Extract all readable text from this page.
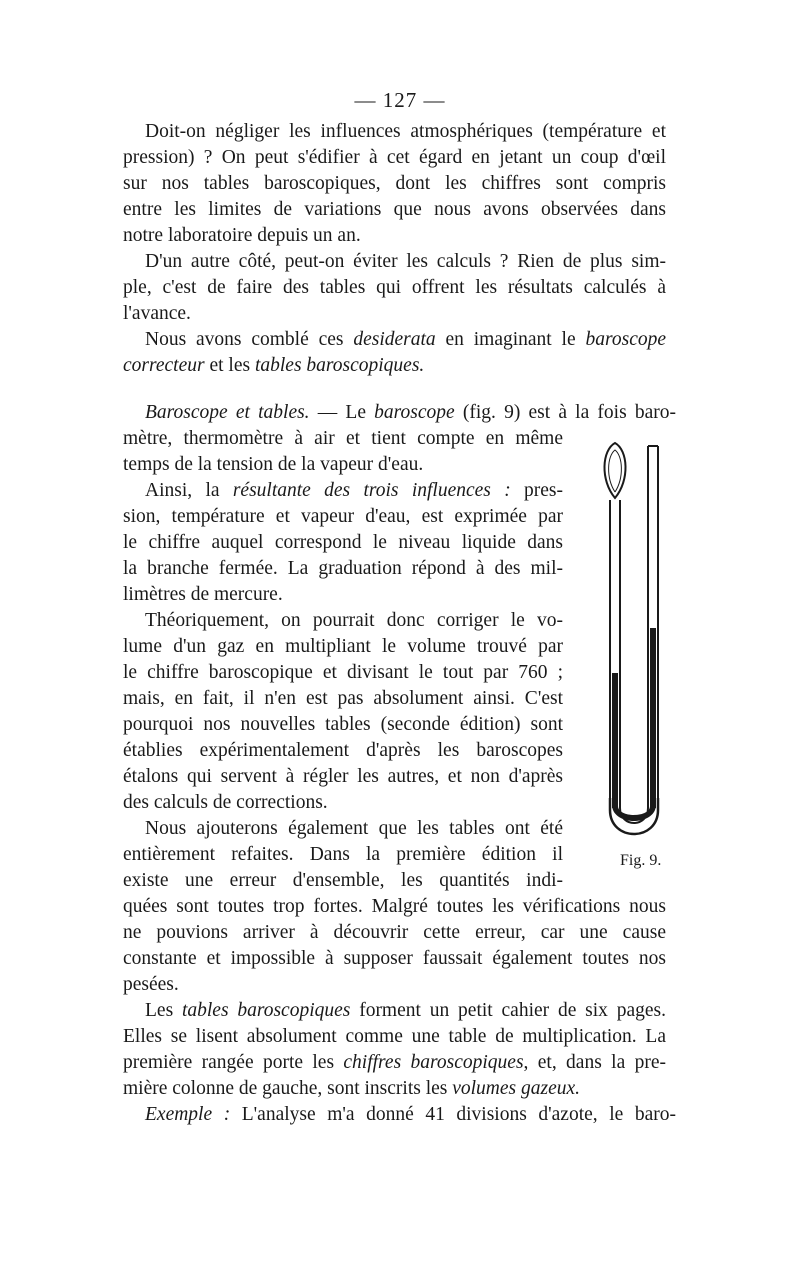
— 127 —
Doit-on négliger les influences atmosphériques (température et
pression) ? On peut s'édifier à cet égard en jetant un coup d'œil
sur nos tables baroscopiques, dont les chiffres sont compris
entre les limites de variations que nous avons observées dans
notre laboratoire depuis un an.
D'un autre côté, peut-on éviter les calculs ? Rien de plus sim-
ple, c'est de faire des tables qui offrent les résultats calculés à
l'avance.
Nous avons comblé ces desiderata en imaginant le baroscope
correcteur et les tables baroscopiques.
Baroscope et tables. — Le baroscope (fig. 9) est à la fois baro-
mètre, thermomètre à air et tient compte en même
temps de la tension de la vapeur d'eau.
Ainsi, la résultante des trois influences : pres-
sion, température et vapeur d'eau, est exprimée par
le chiffre auquel correspond le niveau liquide dans
la branche fermée. La graduation répond à des mil-
limètres de mercure.
Théoriquement, on pourrait donc corriger le vo-
lume d'un gaz en multipliant le volume trouvé par
le chiffre baroscopique et divisant le tout par 760 ;
mais, en fait, il n'en est pas absolument ainsi. C'est
pourquoi nos nouvelles tables (seconde édition) sont
établies expérimentalement d'après les baroscopes
étalons qui servent à régler les autres, et non d'après
des calculs de corrections.
Nous ajouterons également que les tables ont été
entièrement refaites. Dans la première édition il
existe une erreur d'ensemble, les quantités indi-
quées sont toutes trop fortes. Malgré toutes les vérifications nous
ne pouvions arriver à découvrir cette erreur, car une cause
constante et impossible à supposer faussait également toutes nos
pesées.
Les tables baroscopiques forment un petit cahier de six pages.
Elles se lisent absolument comme une table de multiplication. La
première rangée porte les chiffres baroscopiques, et, dans la pre-
mière colonne de gauche, sont inscrits les volumes gazeux.
Exemple : L'analyse m'a donné 41 divisions d'azote, le baro-
Fig. 9.
